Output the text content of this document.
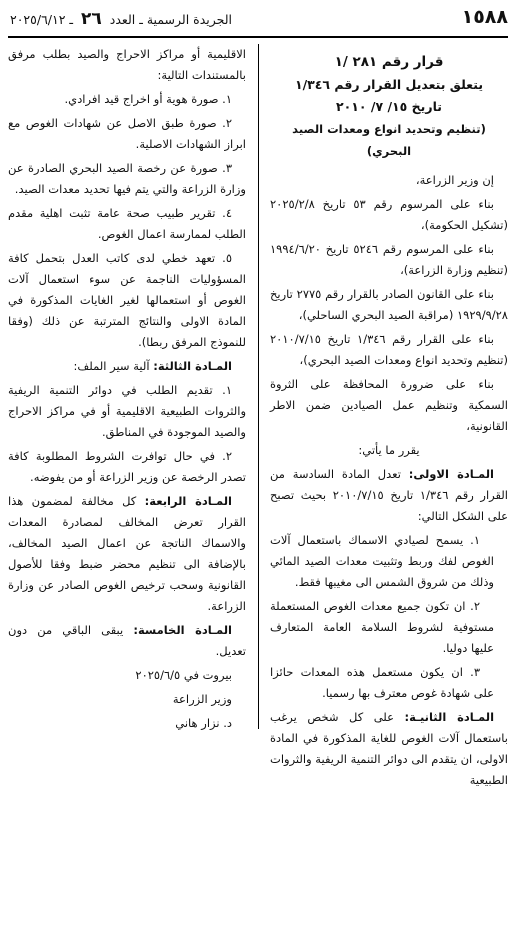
١٥٨٨
الجريدة الرسمية ـ العدد ٢٦ ـ ٢٠٢٥/٦/١٢
قرار رقم ٢٨١ /١
يتعلق بتعديل القرار رقم ١/٣٤٦
تاريخ ١٥/ ٧/ ٢٠١٠
(تنظيم وتحديد انواع ومعدات الصيد البحري)

إن وزير الزراعة،

بناء على المرسوم رقم ٥٣ تاريخ ٢٠٢٥/٢/٨ (تشكيل الحكومة)،

بناء على المرسوم رقم ٥٢٤٦ تاريخ ١٩٩٤/٦/٢٠ (تنظيم وزارة الزراعة)،

بناء على القانون الصادر بالقرار رقم ٢٧٧٥ تاريخ ١٩٢٩/٩/٢٨ (مراقبة الصيد البحري الساحلي)،

بناء على القرار رقم ١/٣٤٦ تاريخ ٢٠١٠/٧/١٥ (تنظيم وتحديد انواع ومعدات الصيد البحري)،

بناء على ضرورة المحافظة على الثروة السمكية وتنظيم عمل الصيادين ضمن الاطر القانونية،

يقرر ما يأتي:

المـادة الاولى: تعدل المادة السادسة من القرار رقم ١/٣٤٦ تاريخ ٢٠١٠/٧/١٥ بحيث تصبح على الشكل التالي:

١. يسمح لصيادي الاسماك باستعمال آلات الغوص لفك وربط وتثبيت معدات الصيد المائي وذلك من شروق الشمس الى مغيبها فقط.

٢. ان تكون جميع معدات الغوص المستعملة مستوفية لشروط السلامة العامة المتعارف عليها دوليا.

٣. ان يكون مستعمل هذه المعدات حائزا على شهادة غوص معترف بها رسميا.

المـادة الثانيـة: على كل شخص يرغب باستعمال آلات الغوص للغاية المذكورة في المادة الاولى، ان يتقدم الى دوائر التنمية الريفية والثروات الطبيعية

الاقليمية أو مراكز الاحراج والصيد بطلب مرفق بالمستندات التالية:

١. صورة هوية أو اخراج قيد افرادي.

٢. صورة طبق الاصل عن شهادات الغوص مع ابراز الشهادات الاصلية.

٣. صورة عن رخصة الصيد البحري الصادرة عن وزارة الزراعة والتي يتم فيها تحديد معدات الصيد.

٤. تقرير طبيب صحة عامة تثبت اهلية مقدم الطلب لممارسة اعمال الغوص.

٥. تعهد خطي لدى كاتب العدل بتحمل كافة المسؤوليات الناجمة عن سوء استعمال آلات الغوص أو استعمالها لغير الغايات المذكورة في المادة الاولى والنتائج المترتبة عن ذلك (وفقا للنموذج المرفق ربطا).

المـادة الثالثة: آلية سير الملف:

١. تقديم الطلب في دوائر التنمية الريفية والثروات الطبيعية الاقليمية أو في مراكز الاحراج والصيد الموجودة في المناطق.

٢. في حال توافرت الشروط المطلوبة كافة تصدر الرخصة عن وزير الزراعة أو من يفوضه.

المـادة الرابعة: كل مخالفة لمضمون هذا القرار تعرض المخالف لمصادرة المعدات والاسماك الناتجة عن اعمال الصيد المخالف، بالإضافة الى تنظيم محضر ضبط وفقا للأصول القانونية وسحب ترخيص الغوص الصادر عن وزارة الزراعة.

المـادة الخامسة: يبقى الباقي من دون تعديل.

بيروت في ٢٠٢٥/٦/٥

وزير الزراعة

د. نزار هاني
